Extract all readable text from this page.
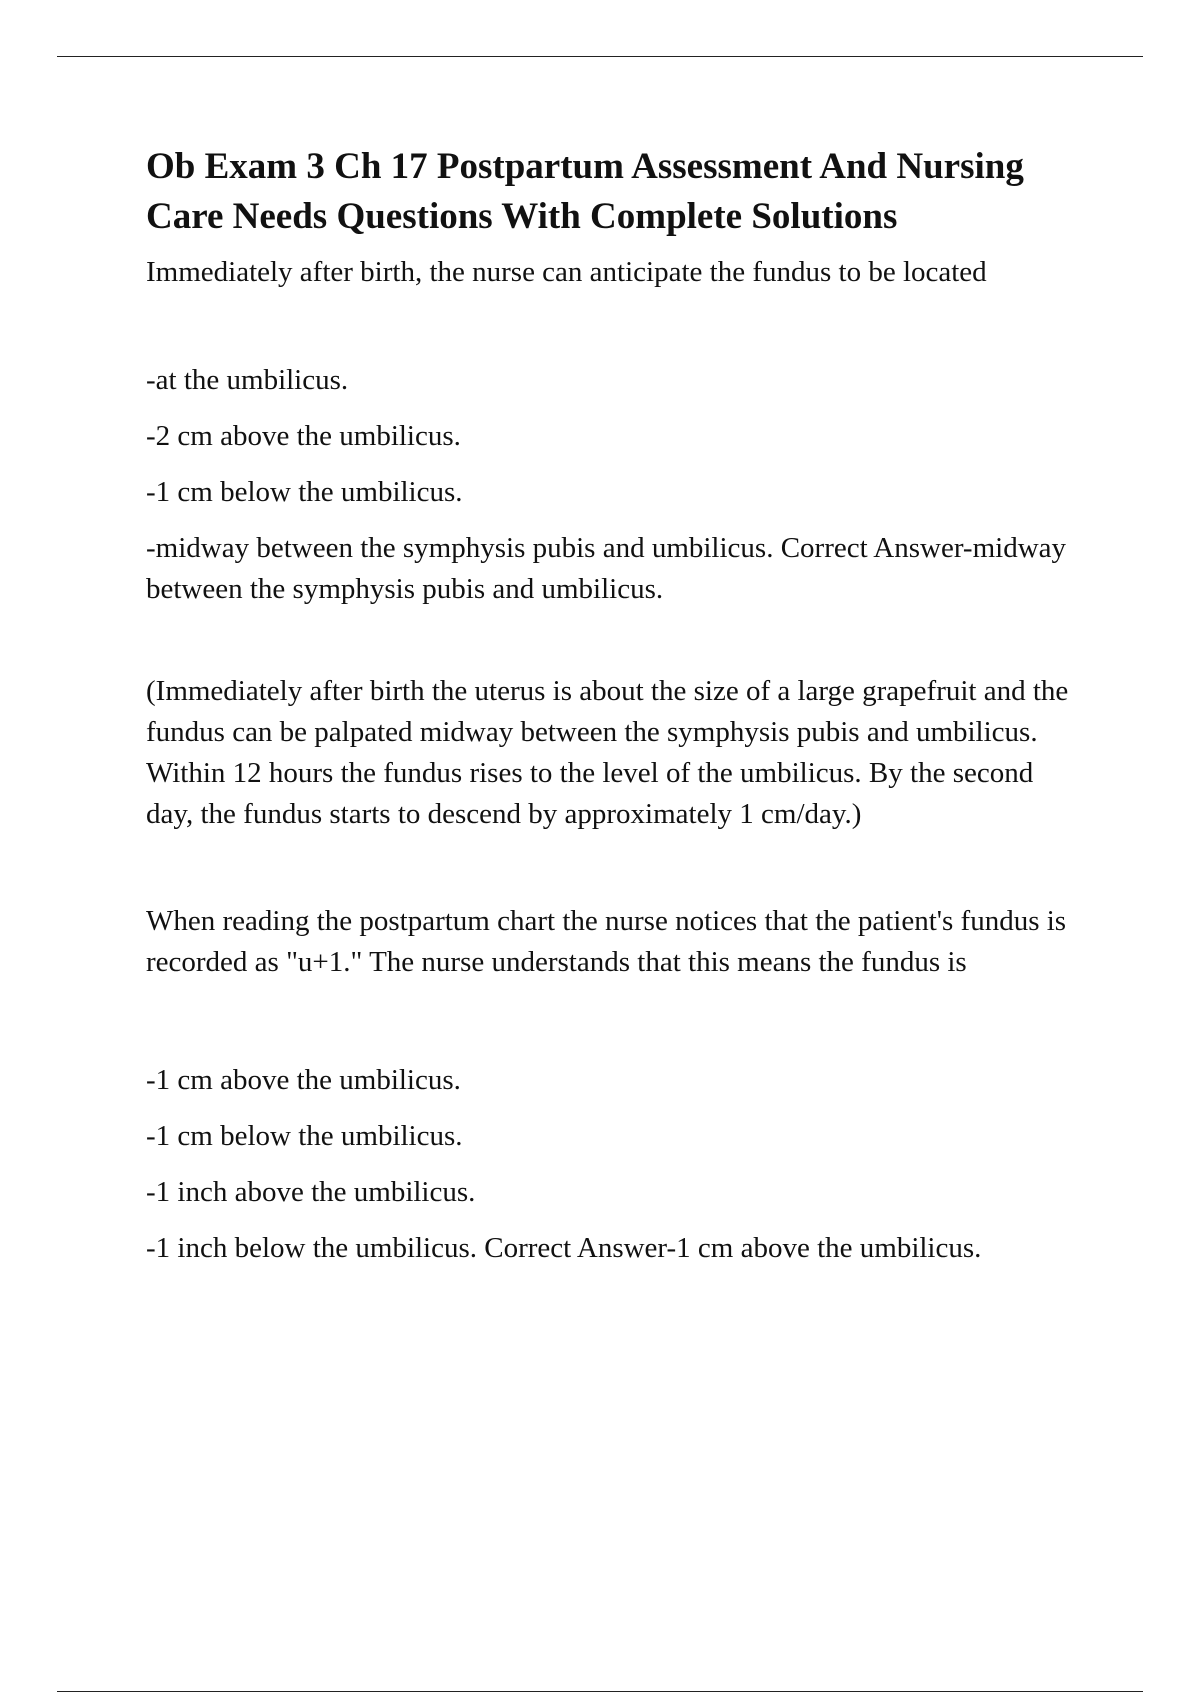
Ob Exam 3 Ch 17 Postpartum Assessment And Nursing Care Needs Questions With Complete Solutions

Immediately after birth, the nurse can anticipate the fundus to be located

-at the umbilicus.
-2 cm above the umbilicus.
-1 cm below the umbilicus.
-midway between the symphysis pubis and umbilicus. Correct Answer-midway between the symphysis pubis and umbilicus.

(Immediately after birth the uterus is about the size of a large grapefruit and the fundus can be palpated midway between the symphysis pubis and umbilicus. Within 12 hours the fundus rises to the level of the umbilicus. By the second day, the fundus starts to descend by approximately 1 cm/day.)

When reading the postpartum chart the nurse notices that the patient's fundus is recorded as "u+1." The nurse understands that this means the fundus is

-1 cm above the umbilicus.
-1 cm below the umbilicus.
-1 inch above the umbilicus.
-1 inch below the umbilicus. Correct Answer-1 cm above the umbilicus.
